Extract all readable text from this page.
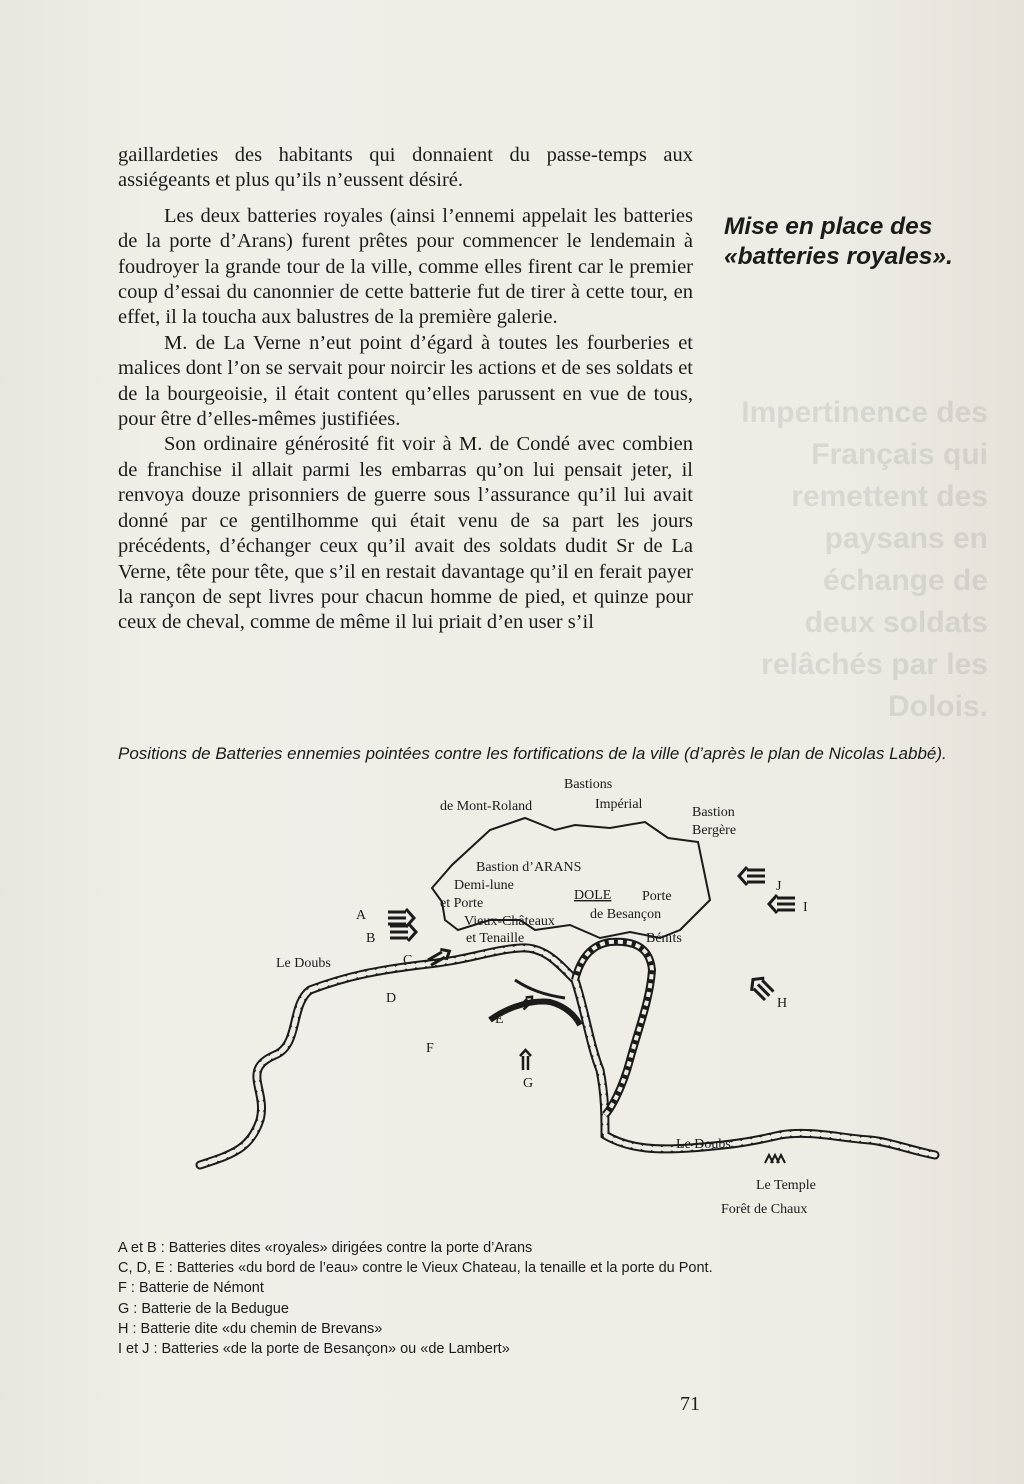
Impertinence des
Français qui
remettent des
paysans en
échange de
deux soldats
relâchés par les
Dolois.

gaillardeties des habitants qui donnaient du passe-temps aux assiégeants et plus qu’ils n’eussent désiré.

Les deux batteries royales (ainsi l’ennemi appelait les batteries de la porte d’Arans) furent prêtes pour commencer le lendemain à foudroyer la grande tour de la ville, comme elles firent car le premier coup d’essai du canonnier de cette batterie fut de tirer à cette tour, en effet, il la toucha aux balustres de la première galerie.

M. de La Verne n’eut point d’égard à toutes les fourberies et malices dont l’on se servait pour noircir les actions et de ses soldats et de la bourgeoisie, il était content qu’elles parussent en vue de tous, pour être d’elles-mêmes justifiées.

Son ordinaire générosité fit voir à M. de Condé avec combien de franchise il allait parmi les embarras qu’on lui pensait jeter, il renvoya douze prisonniers de guerre sous l’assurance qu’il lui avait donné par ce gentilhomme qui était venu de sa part les jours précédents, d’échanger ceux qu’il avait des soldats dudit Sr de La Verne, tête pour tête, que s’il en restait davantage qu’il en ferait payer la rançon de sept livres pour chacun homme de pied, et quinze pour ceux de cheval, comme de même il lui priait d’en user s’il

Mise en place des «batteries royales».
Positions de Batteries ennemies pointées contre les fortifications de la ville (d’après le plan de Nicolas Labbé).
Bastions
de Mont-Roland	Impérial
Bastion
Bergère
Bastion d’ARANS
Demi-lune
et Porte
DOLE Porte
de Besançon
Vieux-Châteaux
et Tenaille	Bénits
Le Doubs
Le Doubs
Le Temple
Forêt de Chaux
A
B
C
D
E
F
G
H
I
J
A et B : Batteries dites «royales» dirigées contre la porte d’Arans
C, D, E : Batteries «du bord de l’eau» contre le Vieux Chateau, la tenaille et la porte du Pont.
F : Batterie de Némont
G : Batterie de la Bedugue
H : Batterie dite «du chemin de Brevans»
I et J : Batteries «de la porte de Besançon» ou «de Lambert»
71
